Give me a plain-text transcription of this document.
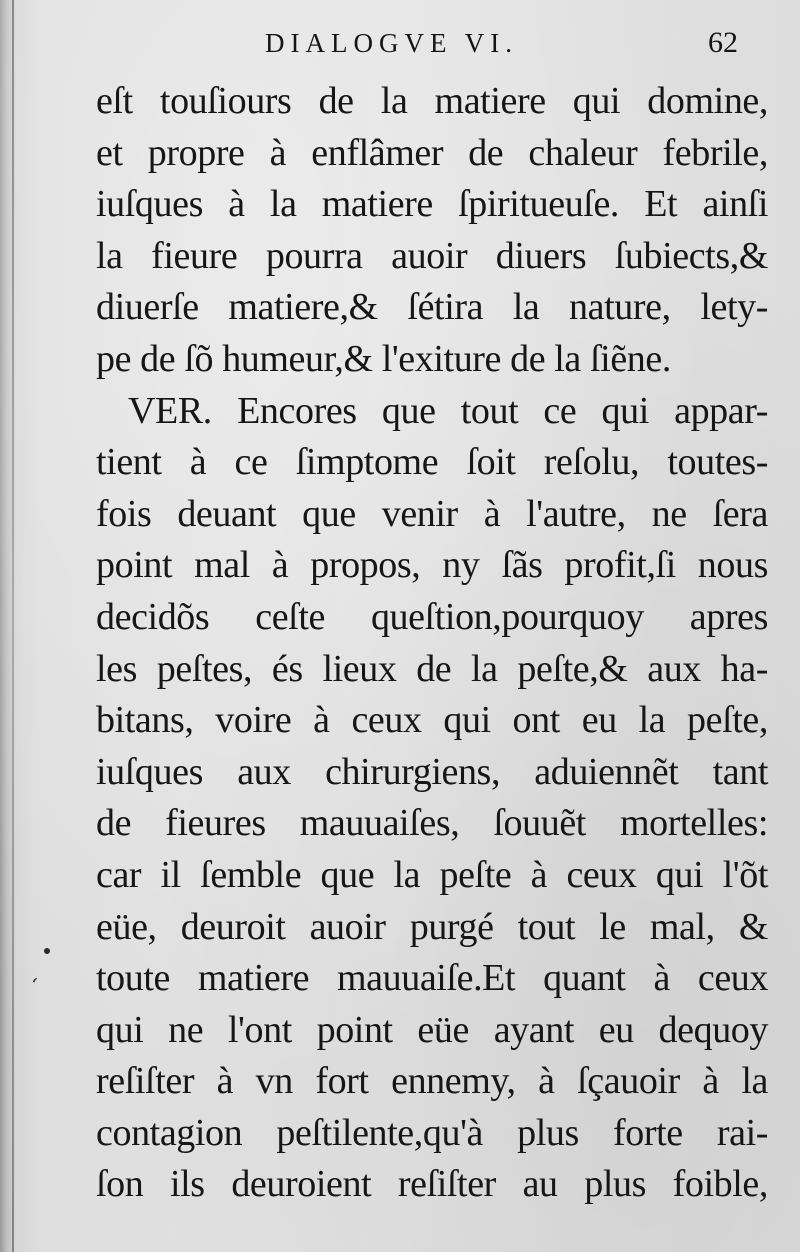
ʻ
DIALOGVE VI.	62
eſt touſiours de la matiere qui domine,
et propre à enflâmer de chaleur febrile,
iuſques à la matiere ſpiritueuſe. Et ainſi
la fieure pourra auoir diuers ſubiects,&
diuerſe matiere,& ſétira la nature, lety-
pe de ſõ humeur,& l'exiture de la ſiẽne.
VER. Encores que tout ce qui appar-
tient à ce ſimptome ſoit reſolu, toutes-
fois deuant que venir à l'autre, ne ſera
point mal à propos, ny ſãs profit,ſi nous
decidõs ceſte queſtion,pourquoy apres
les peſtes, és lieux de la peſte,& aux ha-
bitans, voire à ceux qui ont eu la peſte,
iuſques aux chirurgiens, aduiennẽt tant
de fieures mauuaiſes, ſouuẽt mortelles:
car il ſemble que la peſte à ceux qui l'õt
eüe, deuroit auoir purgé tout le mal, &
toute matiere mauuaiſe.Et quant à ceux
qui ne l'ont point eüe ayant eu dequoy
reſiſter à vn fort ennemy, à ſçauoir à la
contagion peſtilente,qu'à plus forte rai-
ſon ils deuroient reſiſter au plus foible,
